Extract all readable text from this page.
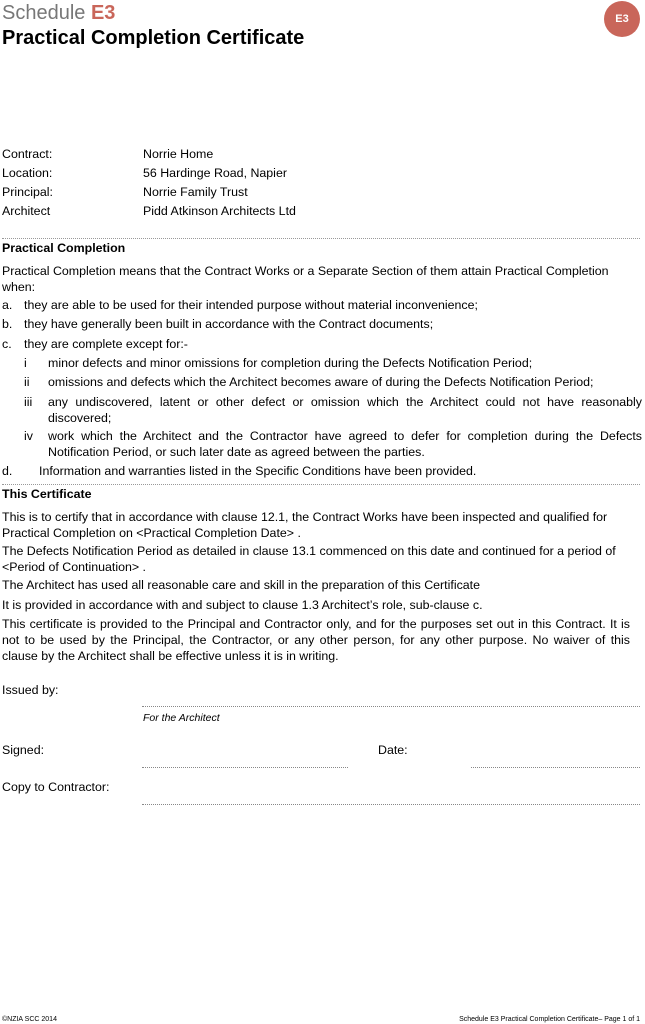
Schedule E3
Practical Completion Certificate
E3
Contract:	Norrie Home
Location:	56 Hardinge Road, Napier
Principal:	Norrie Family Trust
Architect	Pidd Atkinson Architects Ltd
Practical Completion
Practical Completion means that the Contract Works or a Separate Section of them attain Practical Completion when:
a. they are able to be used for their intended purpose without material inconvenience;
b. they have generally been built in accordance with the Contract documents;
c. they are complete except for:-
i	minor defects and minor omissions for completion during the Defects Notification Period;
ii	omissions and defects which the Architect becomes aware of during the Defects Notification Period;
iii	any undiscovered, latent or other defect or omission which the Architect could not have reasonably discovered;
iv	work which the Architect and the Contractor have agreed to defer for completion during the Defects Notification Period, or such later date as agreed between the parties.
d.	Information and warranties listed in the Specific Conditions have been provided.
This Certificate
This is to certify that in accordance with clause 12.1, the Contract Works have been inspected and qualified for Practical Completion on <Practical Completion Date> .
The Defects Notification Period as detailed in clause 13.1 commenced on this date and continued for a period of <Period of Continuation> .
The Architect has used all reasonable care and skill in the preparation of this Certificate
It is provided in accordance with and subject to clause 1.3 Architect’s role, sub-clause c.
This certificate is provided to the Principal and Contractor only, and for the purposes set out in this Contract. It is not to be used by the Principal, the Contractor, or any other person, for any other purpose. No waiver of this clause by the Architect shall be effective unless it is in writing.
Issued by:
For the Architect
Signed:	Date:
Copy to Contractor:
©NZIA SCC 2014	Schedule E3 Practical Completion Certificate– Page 1 of 1
